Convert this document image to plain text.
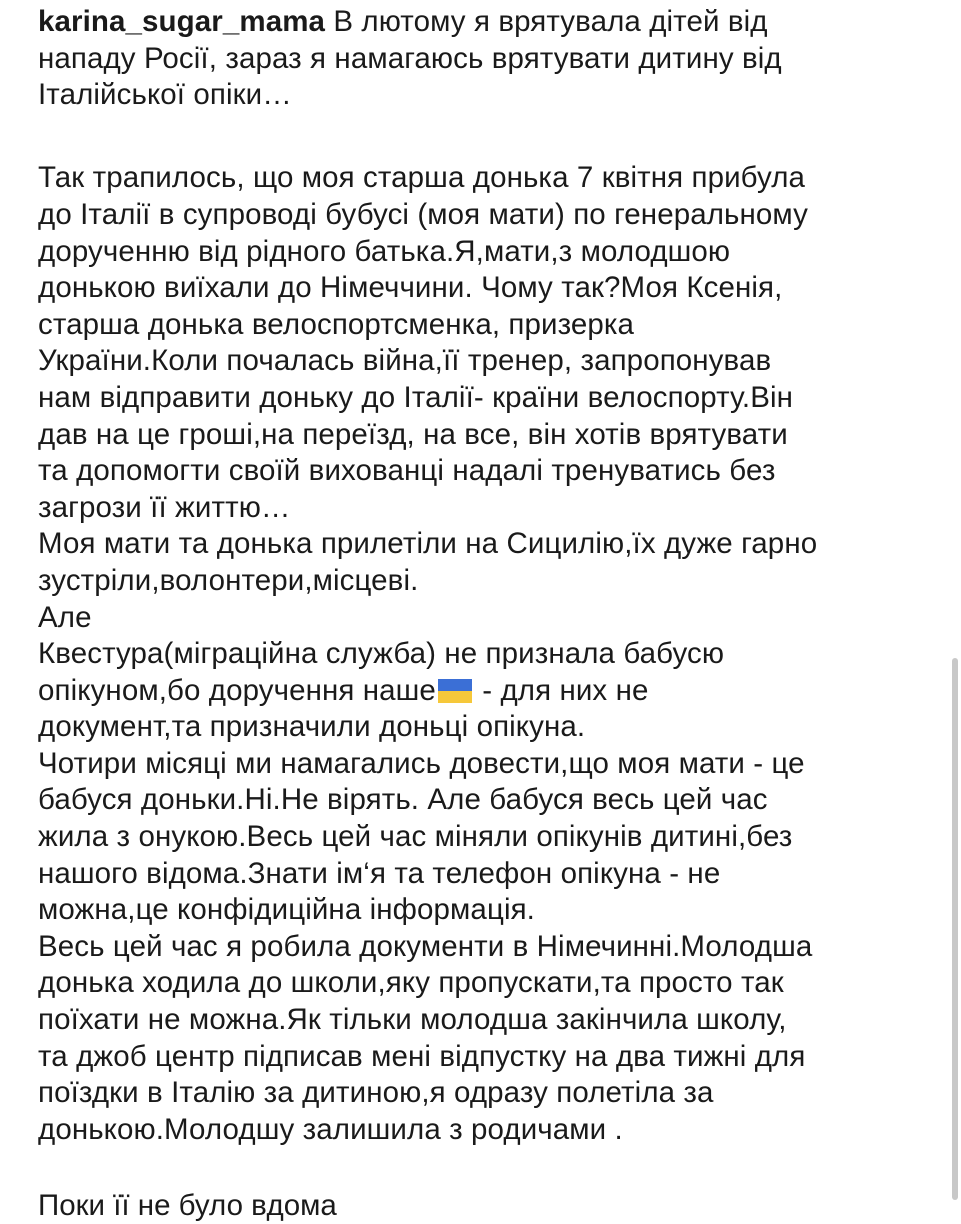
karina_sugar_mama В лютому я врятувала дітей від
нападу Росії, зараз я намагаюсь врятувати дитину від
Італійської опіки…
Так трапилось, що моя старша донька 7 квітня прибула
до Італії в супроводі бубусі (моя мати) по генеральному
дорученню від рідного батька.Я,мати,з молодшою
донькою виїхали до Німеччини. Чому так?Моя Ксенія,
старша донька велоспортсменка, призерка
України.Коли почалась війна,її тренер, запропонував
нам відправити доньку до Італії- країни велоспорту.Він
дав на це гроші,на переїзд, на все, він хотів врятувати
та допомогти своїй вихованці надалі тренуватись без
загрози її життю…
Моя мати та донька прилетіли на Сицилію,їх дуже гарно
зустріли,волонтери,місцеві.
Але
Квестура(міграційна служба) не признала бабусю
опікуном,бо доручення наше
- для них не
документ,та призначили доньці опікуна.
Чотири місяці ми намагались довести,що моя мати - це
бабуся доньки.Ні.Не вірять. Але бабуся весь цей час
жила з онукою.Весь цей час міняли опікунів дитині,без
нашого відома.Знати ім‘я та телефон опікуна - не
можна,це конфідиційна інформація.
Весь цей час я робила документи в Німечинні.Молодша
донька ходила до школи,яку пропускати,та просто так
поїхати не можна.Як тільки молодша закінчила школу,
та джоб центр підписав мені відпустку на два тижні для
поїздки в Італію за дитиною,я одразу полетіла за
донькою.Молодшу залишила з родичами .
Поки її не було вдома
